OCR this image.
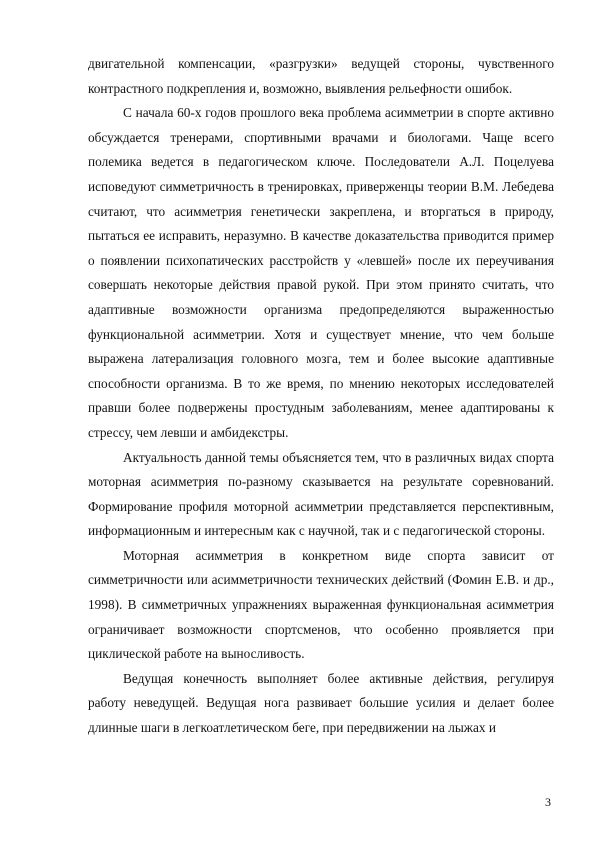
двигательной компенсации, «разгрузки» ведущей стороны, чувственного контрастного подкрепления и, возможно, выявления рельефности ошибок.

С начала 60-х годов прошлого века проблема асимметрии в спорте активно обсуждается тренерами, спортивными врачами и биологами. Чаще всего полемика ведется в педагогическом ключе. Последователи А.Л. Поцелуева исповедуют симметричность в тренировках, приверженцы теории В.М. Лебедева считают, что асимметрия генетически закреплена, и вторгаться в природу, пытаться ее исправить, неразумно. В качестве доказательства приводится пример о появлении психопатических расстройств у «левшей» после их переучивания совершать некоторые действия правой рукой. При этом принято считать, что адаптивные возможности организма предопределяются выраженностью функциональной асимметрии. Хотя и существует мнение, что чем больше выражена латерализация головного мозга, тем и более высокие адаптивные способности организма. В то же время, по мнению некоторых исследователей правши более подвержены простудным заболеваниям, менее адаптированы к стрессу, чем левши и амбидекстры.

Актуальность данной темы объясняется тем, что в различных видах спорта моторная асимметрия по-разному сказывается на результате соревнований. Формирование профиля моторной асимметрии представляется перспективным, информационным и интересным как с научной, так и с педагогической стороны.

Моторная асимметрия в конкретном виде спорта зависит от симметричности или асимметричности технических действий (Фомин Е.В. и др., 1998). В симметричных упражнениях выраженная функциональная асимметрия ограничивает возможности спортсменов, что особенно проявляется при циклической работе на выносливость.

Ведущая конечность выполняет более активные действия, регулируя работу неведущей. Ведущая нога развивает большие усилия и делает более длинные шаги в легкоатлетическом беге, при передвижении на лыжах и

3
